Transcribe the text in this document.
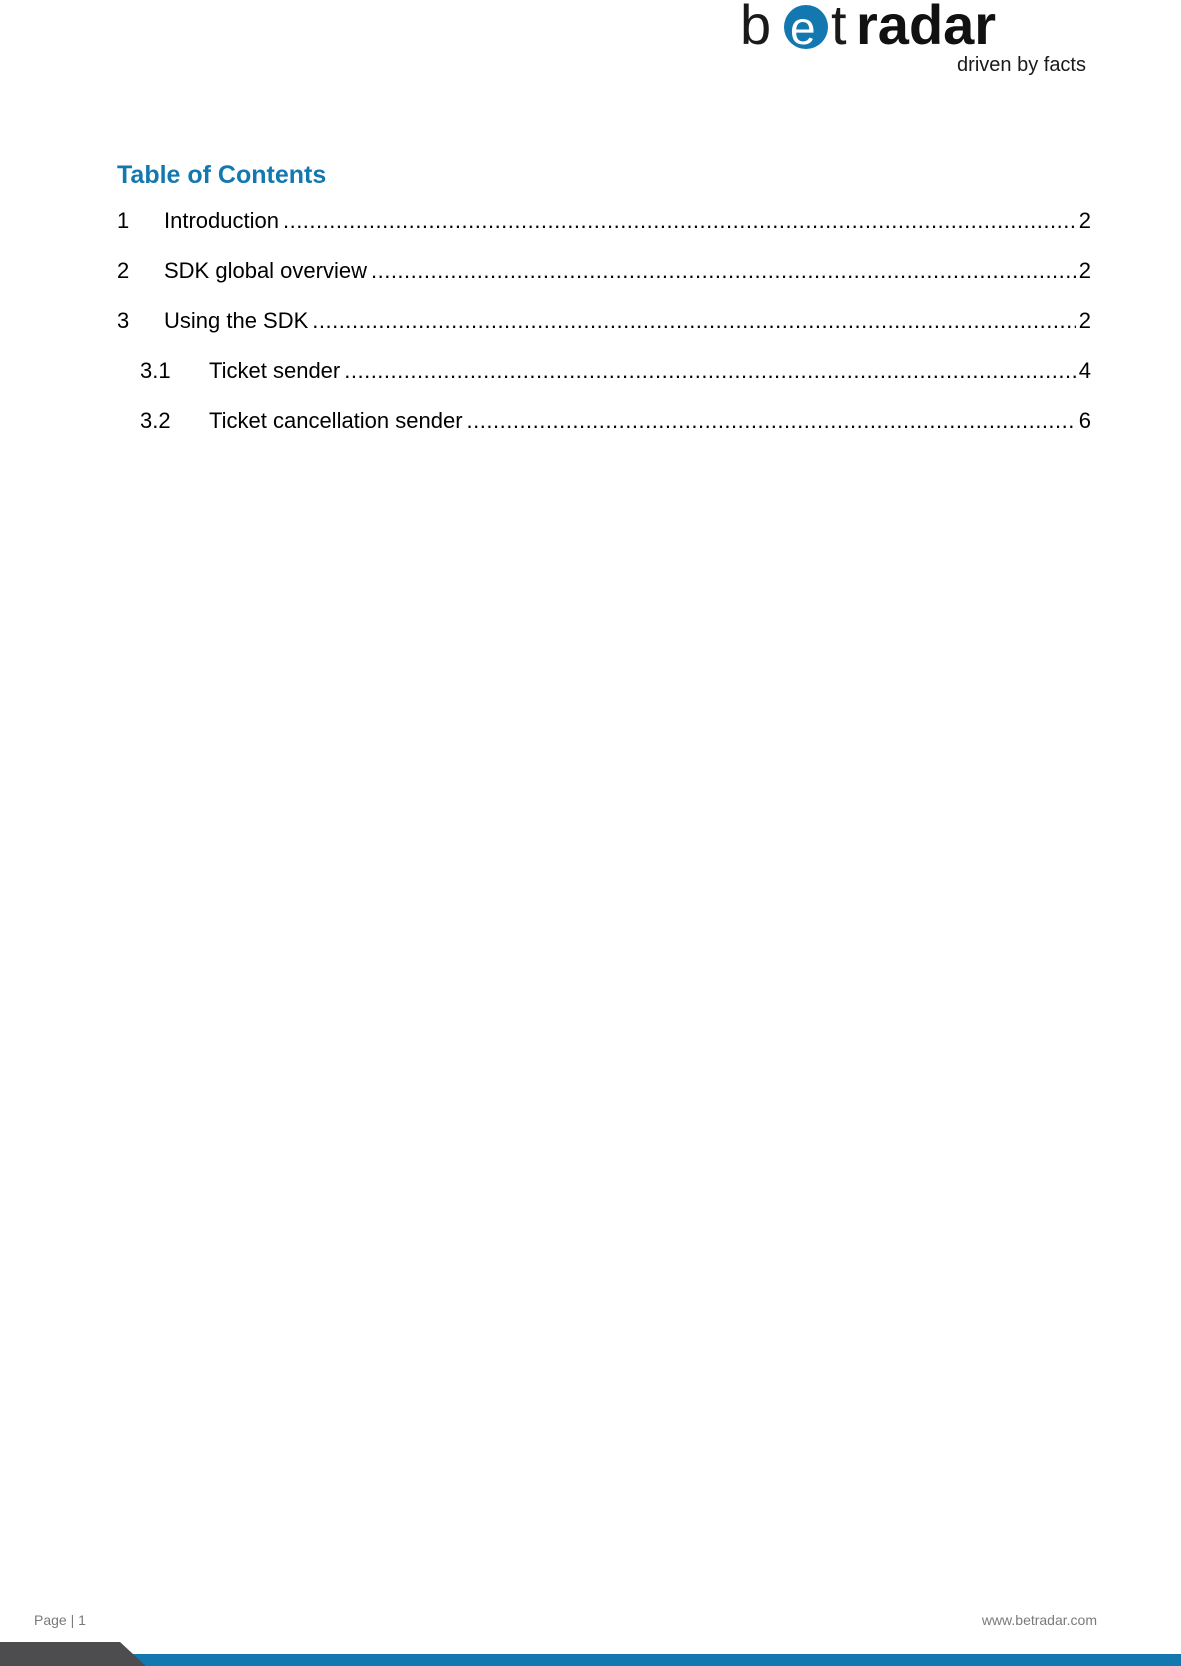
b e t radar
driven by facts
Table of Contents
1	Introduction .....	2
2	SDK global overview .....	2
3	Using the SDK .....	2
3.1	Ticket sender .....	4
3.2	Ticket cancellation sender .....	6
Page | 1	www.betradar.com
